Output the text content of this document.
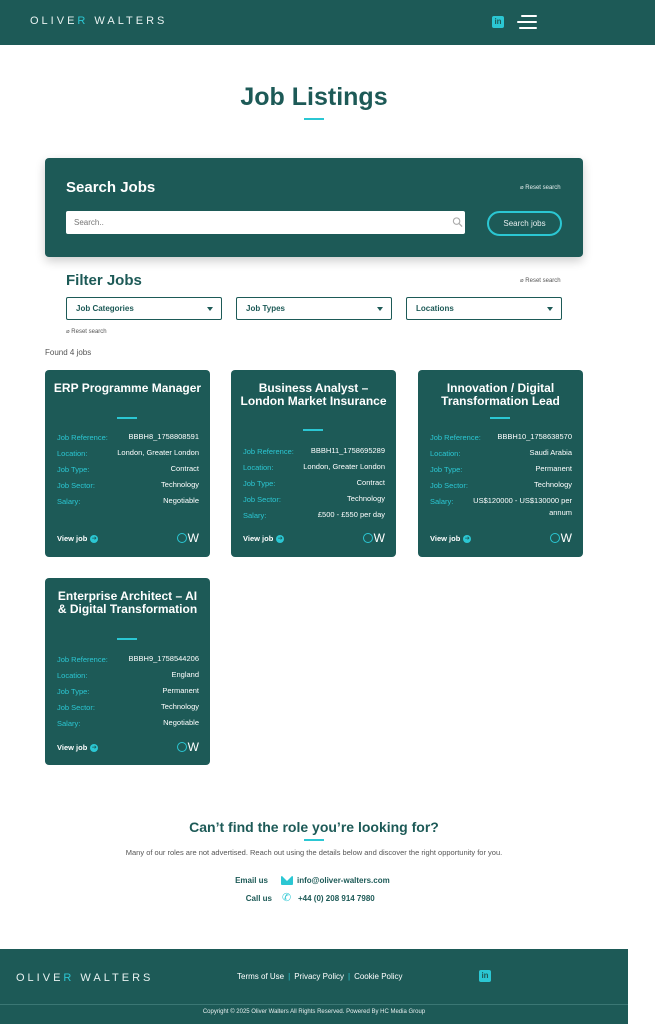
OLIVER WALTERS	in
Job Listings
Search Jobs	⌀ Reset search
Search..
Search jobs
Filter Jobs	⌀ Reset search
Job Categories	Job Types	Locations
⌀ Reset search
Found 4 jobs
ERP Programme Manager
Job Reference:	BBBH8_1758808591
Location:	London, Greater London
Job Type:	Contract
Job Sector:	Technology
Salary:	Negotiable
View job ➜	W
Business Analyst – London Market Insurance
Job Reference: BBBH11_1758695289
Location:	London, Greater London
Job Type:	Contract
Job Sector:	Technology
Salary:	£500 - £550 per day
View job ➜	W
Innovation / Digital Transformation Lead
Job Reference: BBBH10_1758638570
Location:	Saudi Arabia
Job Type:	Permanent
Job Sector:	Technology
Salary:	US$120000 - US$130000 per annum
View job ➜	W
Enterprise Architect – AI & Digital Transformation
Job Reference:	BBBH9_1758544206
Location:	England
Job Type:	Permanent
Job Sector:	Technology
Salary:	Negotiable
View job ➜	W
Can’t find the role you’re looking for?
Many of our roles are not advertised. Reach out using the details below and discover the right opportunity for you.
Email us	info@oliver-walters.com
Call us ✆ +44 (0) 208 914 7980
OLIVER WALTERS	Terms of Use | Privacy Policy | Cookie Policy	in
Copyright © 2025 Oliver Walters All Rights Reserved. Powered By HC Media Group
